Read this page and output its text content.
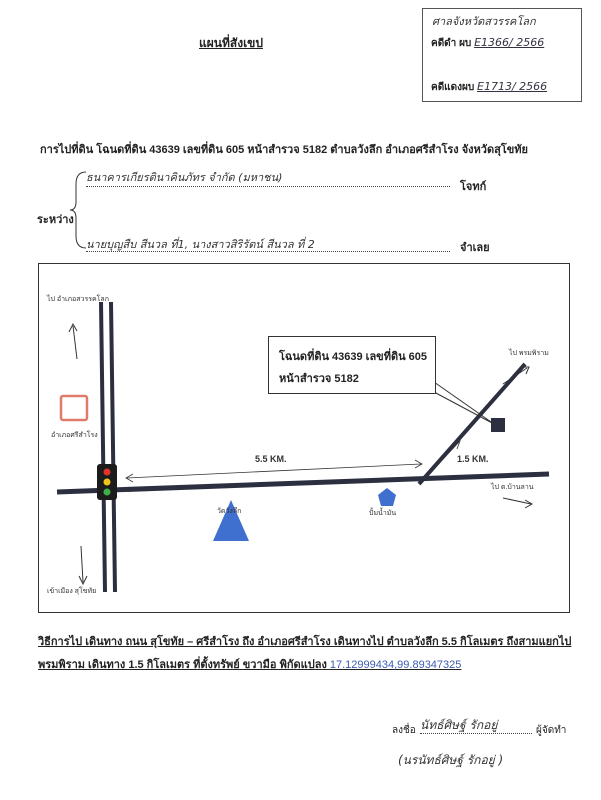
แผนที่สังเขป
ศาลจังหวัดสวรรคโลก
คดีดำ ผบ E1366/ 2566
คดีแดงผบ E1713/ 2566
การไปที่ดิน โฉนดที่ดิน 43639 เลขที่ดิน 605 หน้าสำรวจ 5182 ตำบลวังลึก อำเภอศรีสำโรง จังหวัดสุโขทัย
ระหว่าง
ธนาคารเกียรตินาคินภัทร จำกัด (มหาชน)
โจทก์
นายบุญสืบ สีนวล ที่1, นางสาวสิริรัตน์ สีนวล ที่ 2	จำเลย
ไป อำเภอสวรรคโลก
อำเภอศรีสำโรง
เข้าเมือง สุโขทัย
วัดวังลึก	ปั้มน้ำมัน
ไป พรมพิราม
ไป ต.บ้านลาน
5.5 KM.	1.5 KM.
โฉนดที่ดิน 43639 เลขที่ดิน 605
หน้าสำรวจ 5182
วิธีการไป เดินทาง ถนน สุโขทัย – ศรีสำโรง ถึง อำเภอศรีสำโรง เดินทางไป ตำบลวังลึก 5.5 กิโลเมตร ถึงสามแยกไป
พรมพิราม เดินทาง 1.5 กิโลเมตร ที่ตั้งทรัพย์ ขวามือ พิกัดแปลง 17.12999434,99.89347325
ลงชื่อ นัทธ์ศิษฐ์ รักอยู่	ผู้จัดทำ
(นรนัทธ์ศิษฐ์ รักอยู่ )
